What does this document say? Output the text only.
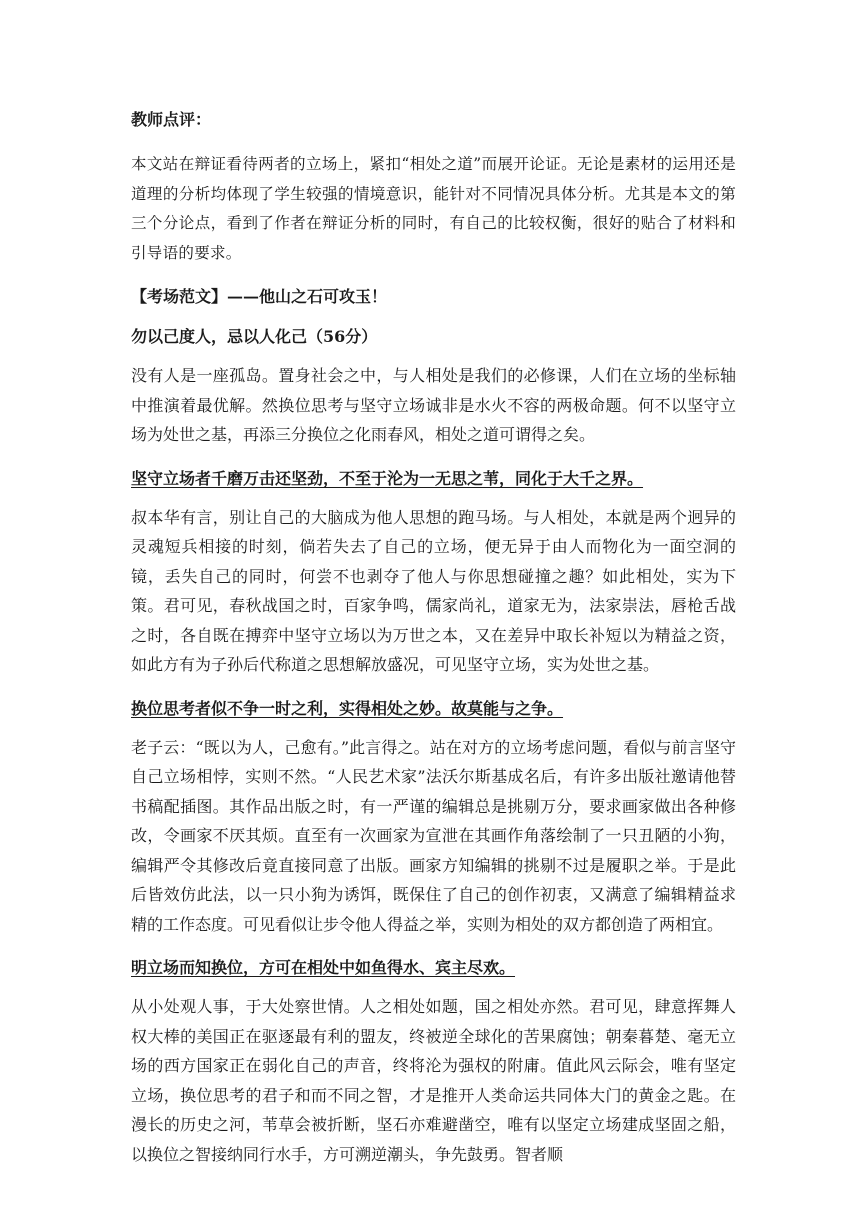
教师点评：

本文站在辩证看待两者的立场上，紧扣“相处之道”而展开论证。无论是素材的运用还是道理的分析均体现了学生较强的情境意识，能针对不同情况具体分析。尤其是本文的第三个分论点，看到了作者在辩证分析的同时，有自己的比较权衡，很好的贴合了材料和引导语的要求。

【考场范文】——他山之石可攻玉！
勿以己度人，忌以人化己（56分）

没有人是一座孤岛。置身社会之中，与人相处是我们的必修课，人们在立场的坐标轴中推演着最优解。然换位思考与坚守立场诚非是水火不容的两极命题。何不以坚守立场为处世之基，再添三分换位之化雨春风，相处之道可谓得之矣。

坚守立场者千磨万击还坚劲，不至于沦为一无思之苇，同化于大千之界。

叔本华有言，别让自己的大脑成为他人思想的跑马场。与人相处，本就是两个迥异的灵魂短兵相接的时刻，倘若失去了自己的立场，便无异于由人而物化为一面空洞的镜，丢失自己的同时，何尝不也剥夺了他人与你思想碰撞之趣？如此相处，实为下策。君可见，春秋战国之时，百家争鸣，儒家尚礼，道家无为，法家崇法，唇枪舌战之时，各自既在搏弈中坚守立场以为万世之本，又在差异中取长补短以为精益之资，如此方有为子孙后代称道之思想解放盛况，可见坚守立场，实为处世之基。

换位思考者似不争一时之利，实得相处之妙。故莫能与之争。

老子云：“既以为人，己愈有。”此言得之。站在对方的立场考虑问题，看似与前言坚守自己立场相悖，实则不然。“人民艺术家”法沃尔斯基成名后，有许多出版社邀请他替书稿配插图。其作品出版之时，有一严谨的编辑总是挑剔万分，要求画家做出各种修改，令画家不厌其烦。直至有一次画家为宣泄在其画作角落绘制了一只丑陋的小狗，编辑严令其修改后竟直接同意了出版。画家方知编辑的挑剔不过是履职之举。于是此后皆效仿此法，以一只小狗为诱饵，既保住了自己的创作初衷，又满意了编辑精益求精的工作态度。可见看似让步令他人得益之举，实则为相处的双方都创造了两相宜。

明立场而知换位，方可在相处中如鱼得水、宾主尽欢。

从小处观人事，于大处察世情。人之相处如题，国之相处亦然。君可见，肆意挥舞人权大棒的美国正在驱逐最有利的盟友，终被逆全球化的苦果腐蚀；朝秦暮楚、毫无立场的西方国家正在弱化自己的声音，终将沦为强权的附庸。值此风云际会，唯有坚定立场，换位思考的君子和而不同之智，才是推开人类命运共同体大门的黄金之匙。在漫长的历史之河，苇草会被折断，坚石亦难避凿空，唯有以坚定立场建成坚固之船，以换位之智接纳同行水手，方可溯逆潮头，争先鼓勇。智者顺
